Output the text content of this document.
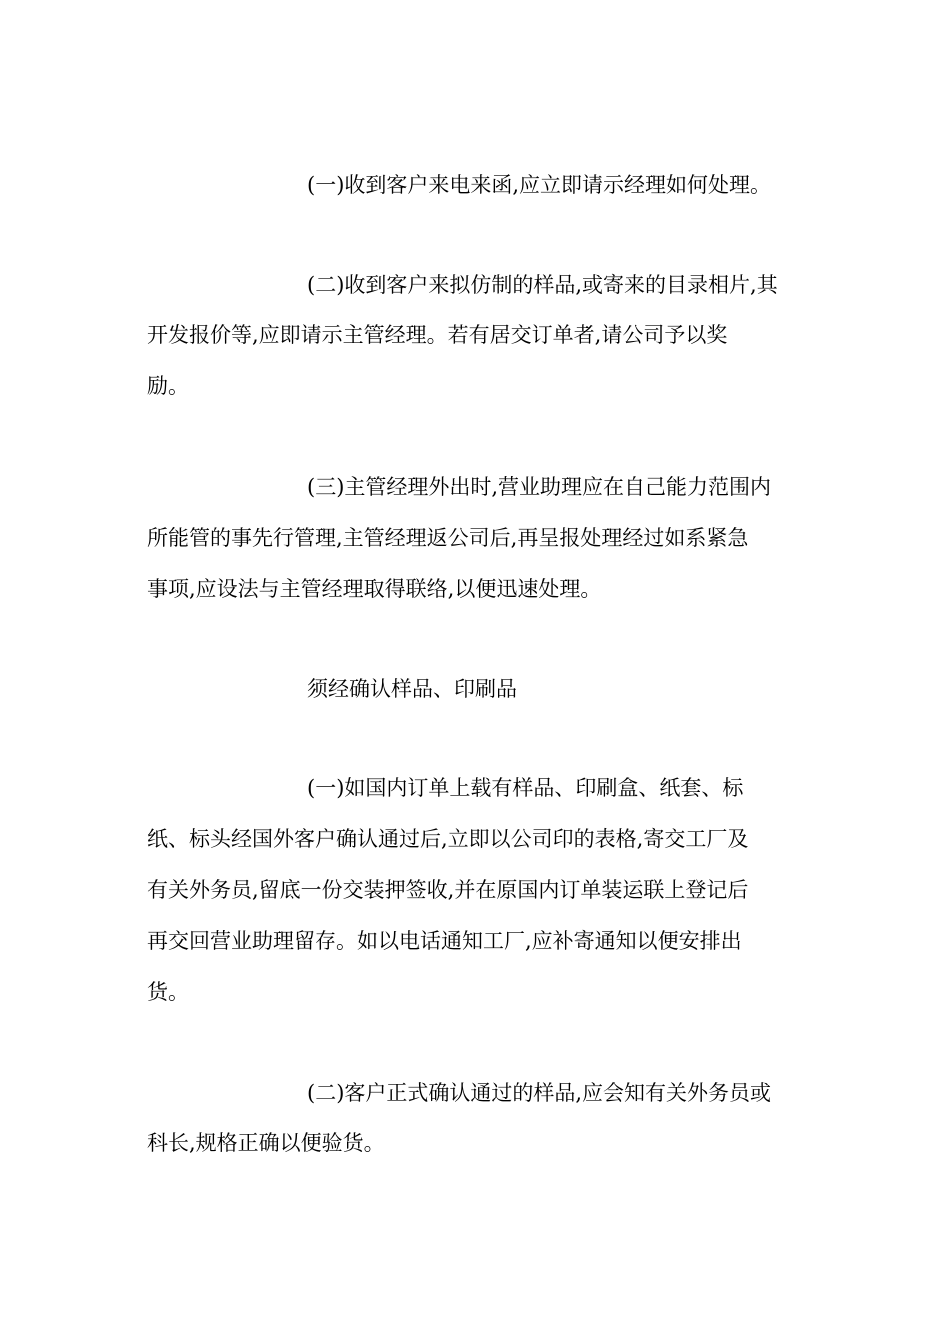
(一)收到客户来电来函,应立即请示经理如何处理。
(二)收到客户来拟仿制的样品,或寄来的目录相片,其
开发报价等,应即请示主管经理。若有居交订单者,请公司予以奖
励。
(三)主管经理外出时,营业助理应在自己能力范围内
所能管的事先行管理,主管经理返公司后,再呈报处理经过如系紧急
事项,应设法与主管经理取得联络,以便迅速处理。
须经确认样品、印刷品
(一)如国内订单上载有样品、印刷盒、纸套、标
纸、标头经国外客户确认通过后,立即以公司印的表格,寄交工厂及
有关外务员,留底一份交装押签收,并在原国内订单装运联上登记后
再交回营业助理留存。如以电话通知工厂,应补寄通知以便安排出
货。
(二)客户正式确认通过的样品,应会知有关外务员或
科长,规格正确以便验货。
